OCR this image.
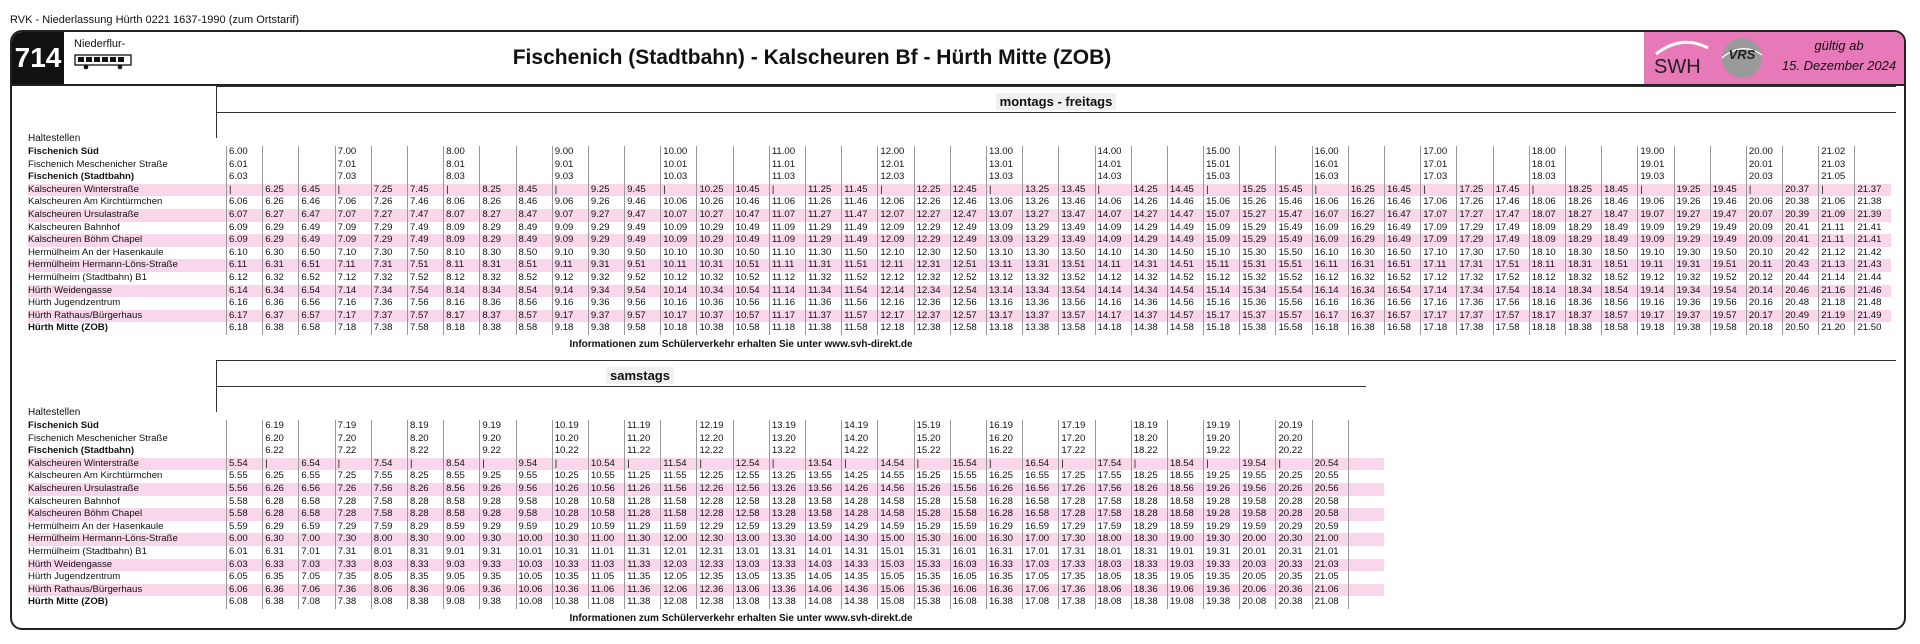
RVK - Niederlassung Hürth 0221 1637-1990 (zum Ortstarif)
714 Niederflur-
Fischenich (Stadtbahn) - Kalscheuren Bf - Hürth Mitte (ZOB)	SWH
VRS
gültig ab
15. Dezember 2024
montags - freitags
Haltestellen
Fischenich Süd	6.00			7.00			8.00			9.00			10.00			11.00			12.00			13.00			14.00			15.00			16.00			17.00			18.00			19.00			20.00		21.02	
Fischenich Meschenicher Straße	6.01			7.01			8.01			9.01			10.01			11.01			12.01			13.01			14.01			15.01			16.01			17.01			18.01			19.01			20.01		21.03	
Fischenich (Stadtbahn)	6.03			7.03			8.03			9.03			10.03			11.03			12.03			13.03			14.03			15.03			16.03			17.03			18.03			19.03			20.03		21.05	
Kalscheuren Winterstraße	|	6.25	6.45	|	7.25	7.45	|	8.25	8.45	|	9.25	9.45	|	10.25	10.45	|	11.25	11.45	|	12.25	12.45	|	13.25	13.45	|	14.25	14.45	|	15.25	15.45	|	16.25	16.45	|	17.25	17.45	|	18.25	18.45	|	19.25	19.45	|	20.37	|	21.37
Kalscheuren Am Kirchtürmchen	6.06	6.26	6.46	7.06	7.26	7.46	8.06	8.26	8.46	9.06	9.26	9.46	10.06	10.26	10.46	11.06	11.26	11.46	12.06	12.26	12.46	13.06	13.26	13.46	14.06	14.26	14.46	15.06	15.26	15.46	16.06	16.26	16.46	17.06	17.26	17.46	18.06	18.26	18.46	19.06	19.26	19.46	20.06	20.38	21.06	21.38
Kalscheuren Ursulastraße	6.07	6.27	6.47	7.07	7.27	7.47	8.07	8.27	8.47	9.07	9.27	9.47	10.07	10.27	10.47	11.07	11.27	11.47	12.07	12.27	12.47	13.07	13.27	13.47	14.07	14.27	14.47	15.07	15.27	15.47	16.07	16.27	16.47	17.07	17.27	17.47	18.07	18.27	18.47	19.07	19.27	19.47	20.07	20.39	21.09	21.39
Kalscheuren Bahnhof	6.09	6.29	6.49	7.09	7.29	7.49	8.09	8.29	8.49	9.09	9.29	9.49	10.09	10.29	10.49	11.09	11.29	11.49	12.09	12.29	12.49	13.09	13.29	13.49	14.09	14.29	14.49	15.09	15.29	15.49	16.09	16.29	16.49	17.09	17.29	17.49	18.09	18.29	18.49	19.09	19.29	19.49	20.09	20.41	21.11	21.41
Kalscheuren Böhm Chapel	6.09	6.29	6.49	7.09	7.29	7.49	8.09	8.29	8.49	9.09	9.29	9.49	10.09	10.29	10.49	11.09	11.29	11.49	12.09	12.29	12.49	13.09	13.29	13.49	14.09	14.29	14.49	15.09	15.29	15.49	16.09	16.29	16.49	17.09	17.29	17.49	18.09	18.29	18.49	19.09	19.29	19.49	20.09	20.41	21.11	21.41
Hermülheim An der Hasenkaule	6.10	6.30	6.50	7.10	7.30	7.50	8.10	8.30	8.50	9.10	9.30	9.50	10.10	10.30	10.50	11.10	11.30	11.50	12.10	12.30	12.50	13.10	13.30	13.50	14.10	14.30	14.50	15.10	15.30	15.50	16.10	16.30	16.50	17.10	17.30	17.50	18.10	18.30	18.50	19.10	19.30	19.50	20.10	20.42	21.12	21.42
Hermülheim Hermann-Löns-Straße	6.11	6.31	6.51	7.11	7.31	7.51	8.11	8.31	8.51	9.11	9.31	9.51	10.11	10.31	10.51	11.11	11.31	11.51	12.11	12.31	12.51	13.11	13.31	13.51	14.11	14.31	14.51	15.11	15.31	15.51	16.11	16.31	16.51	17.11	17.31	17.51	18.11	18.31	18.51	19.11	19.31	19.51	20.11	20.43	21.13	21.43
Hermülheim (Stadtbahn) B1	6.12	6.32	6.52	7.12	7.32	7.52	8.12	8.32	8.52	9.12	9.32	9.52	10.12	10.32	10.52	11.12	11.32	11.52	12.12	12.32	12.52	13.12	13.32	13.52	14.12	14.32	14.52	15.12	15.32	15.52	16.12	16.32	16.52	17.12	17.32	17.52	18.12	18.32	18.52	19.12	19.32	19.52	20.12	20.44	21.14	21.44
Hürth Weidengasse	6.14	6.34	6.54	7.14	7.34	7.54	8.14	8.34	8.54	9.14	9.34	9.54	10.14	10.34	10.54	11.14	11.34	11.54	12.14	12.34	12.54	13.14	13.34	13.54	14.14	14.34	14.54	15.14	15.34	15.54	16.14	16.34	16.54	17.14	17.34	17.54	18.14	18.34	18.54	19.14	19.34	19.54	20.14	20.46	21.16	21.46
Hürth Jugendzentrum	6.16	6.36	6.56	7.16	7.36	7.56	8.16	8.36	8.56	9.16	9.36	9.56	10.16	10.36	10.56	11.16	11.36	11.56	12.16	12.36	12.56	13.16	13.36	13.56	14.16	14.36	14.56	15.16	15.36	15.56	16.16	16.36	16.56	17.16	17.36	17.56	18.16	18.36	18.56	19.16	19.36	19.56	20.16	20.48	21.18	21.48
Hürth Rathaus/Bürgerhaus	6.17	6.37	6.57	7.17	7.37	7.57	8.17	8.37	8.57	9.17	9.37	9.57	10.17	10.37	10.57	11.17	11.37	11.57	12.17	12.37	12.57	13.17	13.37	13.57	14.17	14.37	14.57	15.17	15.37	15.57	16.17	16.37	16.57	17.17	17.37	17.57	18.17	18.37	18.57	19.17	19.37	19.57	20.17	20.49	21.19	21.49
Hürth Mitte (ZOB)	6.18	6.38	6.58	7.18	7.38	7.58	8.18	8.38	8.58	9.18	9.38	9.58	10.18	10.38	10.58	11.18	11.38	11.58	12.18	12.38	12.58	13.18	13.38	13.58	14.18	14.38	14.58	15.18	15.38	15.58	16.18	16.38	16.58	17.18	17.38	17.58	18.18	18.38	18.58	19.18	19.38	19.58	20.18	20.50	21.20	21.50
Informationen zum Schülerverkehr erhalten Sie unter www.svh-direkt.de
samstags
Haltestellen
Fischenich Süd		6.19		7.19		8.19		9.19		10.19		11.19		12.19		13.19		14.19		15.19		16.19		17.19		18.19		19.19		20.19		
Fischenich Meschenicher Straße		6.20		7.20		8.20		9.20		10.20		11.20		12.20		13.20		14.20		15.20		16.20		17.20		18.20		19.20		20.20		
Fischenich (Stadtbahn)		6.22		7.22		8.22		9.22		10.22		11.22		12.22		13.22		14.22		15.22		16.22		17.22		18.22		19.22		20.22		
Kalscheuren Winterstraße	5.54	|	6.54	|	7.54	|	8.54	|	9.54	|	10.54	|	11.54	|	12.54	|	13.54	|	14.54	|	15.54	|	16.54	|	17.54	|	18.54	|	19.54	|	20.54	
Kalscheuren Am Kirchtürmchen	5.55	6.25	6.55	7.25	7.55	8.25	8.55	9.25	9.55	10.25	10.55	11.25	11.55	12.25	12.55	13.25	13.55	14.25	14.55	15.25	15.55	16.25	16.55	17.25	17.55	18.25	18.55	19.25	19.55	20.25	20.55	
Kalscheuren Ursulastraße	5.56	6.26	6.56	7.26	7.56	8.26	8.56	9.26	9.56	10.26	10.56	11.26	11.56	12.26	12.56	13.26	13.56	14.26	14.56	15.26	15.56	16.26	16.56	17.26	17.56	18.26	18.56	19.26	19.56	20.26	20.56	
Kalscheuren Bahnhof	5.58	6.28	6.58	7.28	7.58	8.28	8.58	9.28	9.58	10.28	10.58	11.28	11.58	12.28	12.58	13.28	13.58	14.28	14.58	15.28	15.58	16.28	16.58	17.28	17.58	18.28	18.58	19.28	19.58	20.28	20.58	
Kalscheuren Böhm Chapel	5.58	6.28	6.58	7.28	7.58	8.28	8.58	9.28	9.58	10.28	10.58	11.28	11.58	12.28	12.58	13.28	13.58	14.28	14.58	15.28	15.58	16.28	16.58	17.28	17.58	18.28	18.58	19.28	19.58	20.28	20.58	
Hermülheim An der Hasenkaule	5.59	6.29	6.59	7.29	7.59	8.29	8.59	9.29	9.59	10.29	10.59	11.29	11.59	12.29	12.59	13.29	13.59	14.29	14.59	15.29	15.59	16.29	16.59	17.29	17.59	18.29	18.59	19.29	19.59	20.29	20.59	
Hermülheim Hermann-Löns-Straße	6.00	6.30	7.00	7.30	8.00	8.30	9.00	9.30	10.00	10.30	11.00	11.30	12.00	12.30	13.00	13.30	14.00	14.30	15.00	15.30	16.00	16.30	17.00	17.30	18.00	18.30	19.00	19.30	20.00	20.30	21.00	
Hermülheim (Stadtbahn) B1	6.01	6.31	7.01	7.31	8.01	8.31	9.01	9.31	10.01	10.31	11.01	11.31	12.01	12.31	13.01	13.31	14.01	14.31	15.01	15.31	16.01	16.31	17.01	17.31	18.01	18.31	19.01	19.31	20.01	20.31	21.01	
Hürth Weidengasse	6.03	6.33	7.03	7.33	8.03	8.33	9.03	9.33	10.03	10.33	11.03	11.33	12.03	12.33	13.03	13.33	14.03	14.33	15.03	15.33	16.03	16.33	17.03	17.33	18.03	18.33	19.03	19.33	20.03	20.33	21.03	
Hürth Jugendzentrum	6.05	6.35	7.05	7.35	8.05	8.35	9.05	9.35	10.05	10.35	11.05	11.35	12.05	12.35	13.05	13.35	14.05	14.35	15.05	15.35	16.05	16.35	17.05	17.35	18.05	18.35	19.05	19.35	20.05	20.35	21.05	
Hürth Rathaus/Bürgerhaus	6.06	6.36	7.06	7.36	8.06	8.36	9.06	9.36	10.06	10.36	11.06	11.36	12.06	12.36	13.06	13.36	14.06	14.36	15.06	15.36	16.06	16.36	17.06	17.36	18.06	18.36	19.06	19.36	20.06	20.36	21.06	
Hürth Mitte (ZOB)	6.08	6.38	7.08	7.38	8.08	8.38	9.08	9.38	10.08	10.38	11.08	11.38	12.08	12.38	13.08	13.38	14.08	14.38	15.08	15.38	16.08	16.38	17.08	17.38	18.08	18.38	19.08	19.38	20.08	20.38	21.08	
Informationen zum Schülerverkehr erhalten Sie unter www.svh-direkt.de
